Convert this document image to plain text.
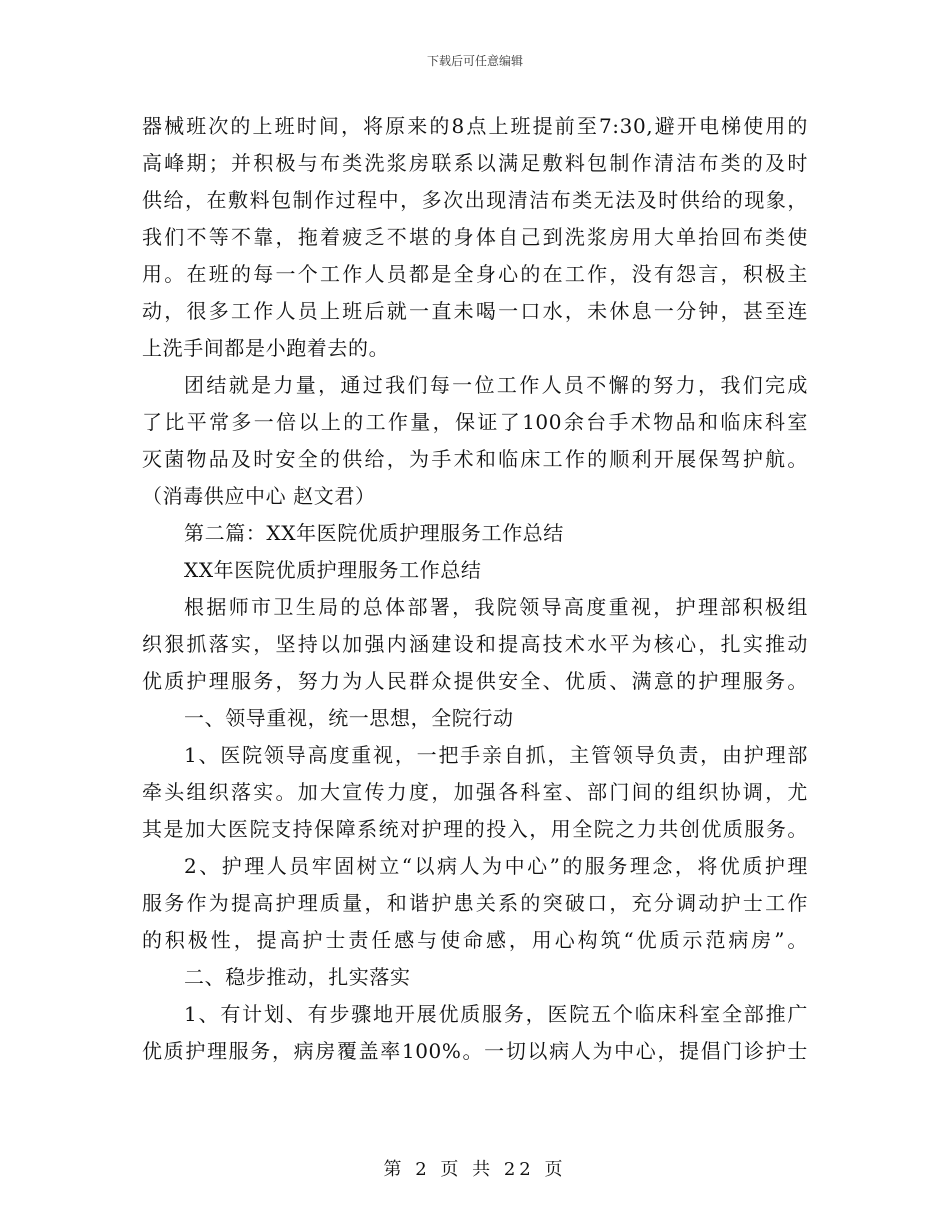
下载后可任意编辑
器械班次的上班时间，将原来的8点上班提前至7:30,避开电梯使用的
高峰期；并积极与布类洗浆房联系以满足敷料包制作清洁布类的及时
供给，在敷料包制作过程中，多次出现清洁布类无法及时供给的现象，
我们不等不靠，拖着疲乏不堪的身体自己到洗浆房用大单抬回布类使
用。在班的每一个工作人员都是全身心的在工作，没有怨言，积极主
动，很多工作人员上班后就一直未喝一口水，未休息一分钟，甚至连
上洗手间都是小跑着去的。
团结就是力量，通过我们每一位工作人员不懈的努力，我们完成
了比平常多一倍以上的工作量，保证了100余台手术物品和临床科室
灭菌物品及时安全的供给，为手术和临床工作的顺利开展保驾护航。
（消毒供应中心 赵文君）
第二篇：XX年医院优质护理服务工作总结
XX年医院优质护理服务工作总结
根据师市卫生局的总体部署，我院领导高度重视，护理部积极组
织狠抓落实，坚持以加强内涵建设和提高技术水平为核心，扎实推动
优质护理服务，努力为人民群众提供安全、优质、满意的护理服务。
一、领导重视，统一思想，全院行动
1、医院领导高度重视，一把手亲自抓，主管领导负责，由护理部
牵头组织落实。加大宣传力度，加强各科室、部门间的组织协调，尤
其是加大医院支持保障系统对护理的投入，用全院之力共创优质服务。
2、护理人员牢固树立“以病人为中心”的服务理念，将优质护理
服务作为提高护理质量，和谐护患关系的突破口，充分调动护士工作
的积极性，提高护士责任感与使命感，用心构筑“优质示范病房”。
二、稳步推动，扎实落实
1、有计划、有步骤地开展优质服务，医院五个临床科室全部推广
优质护理服务，病房覆盖率100%。一切以病人为中心，提倡门诊护士
第 2 页 共 22 页
